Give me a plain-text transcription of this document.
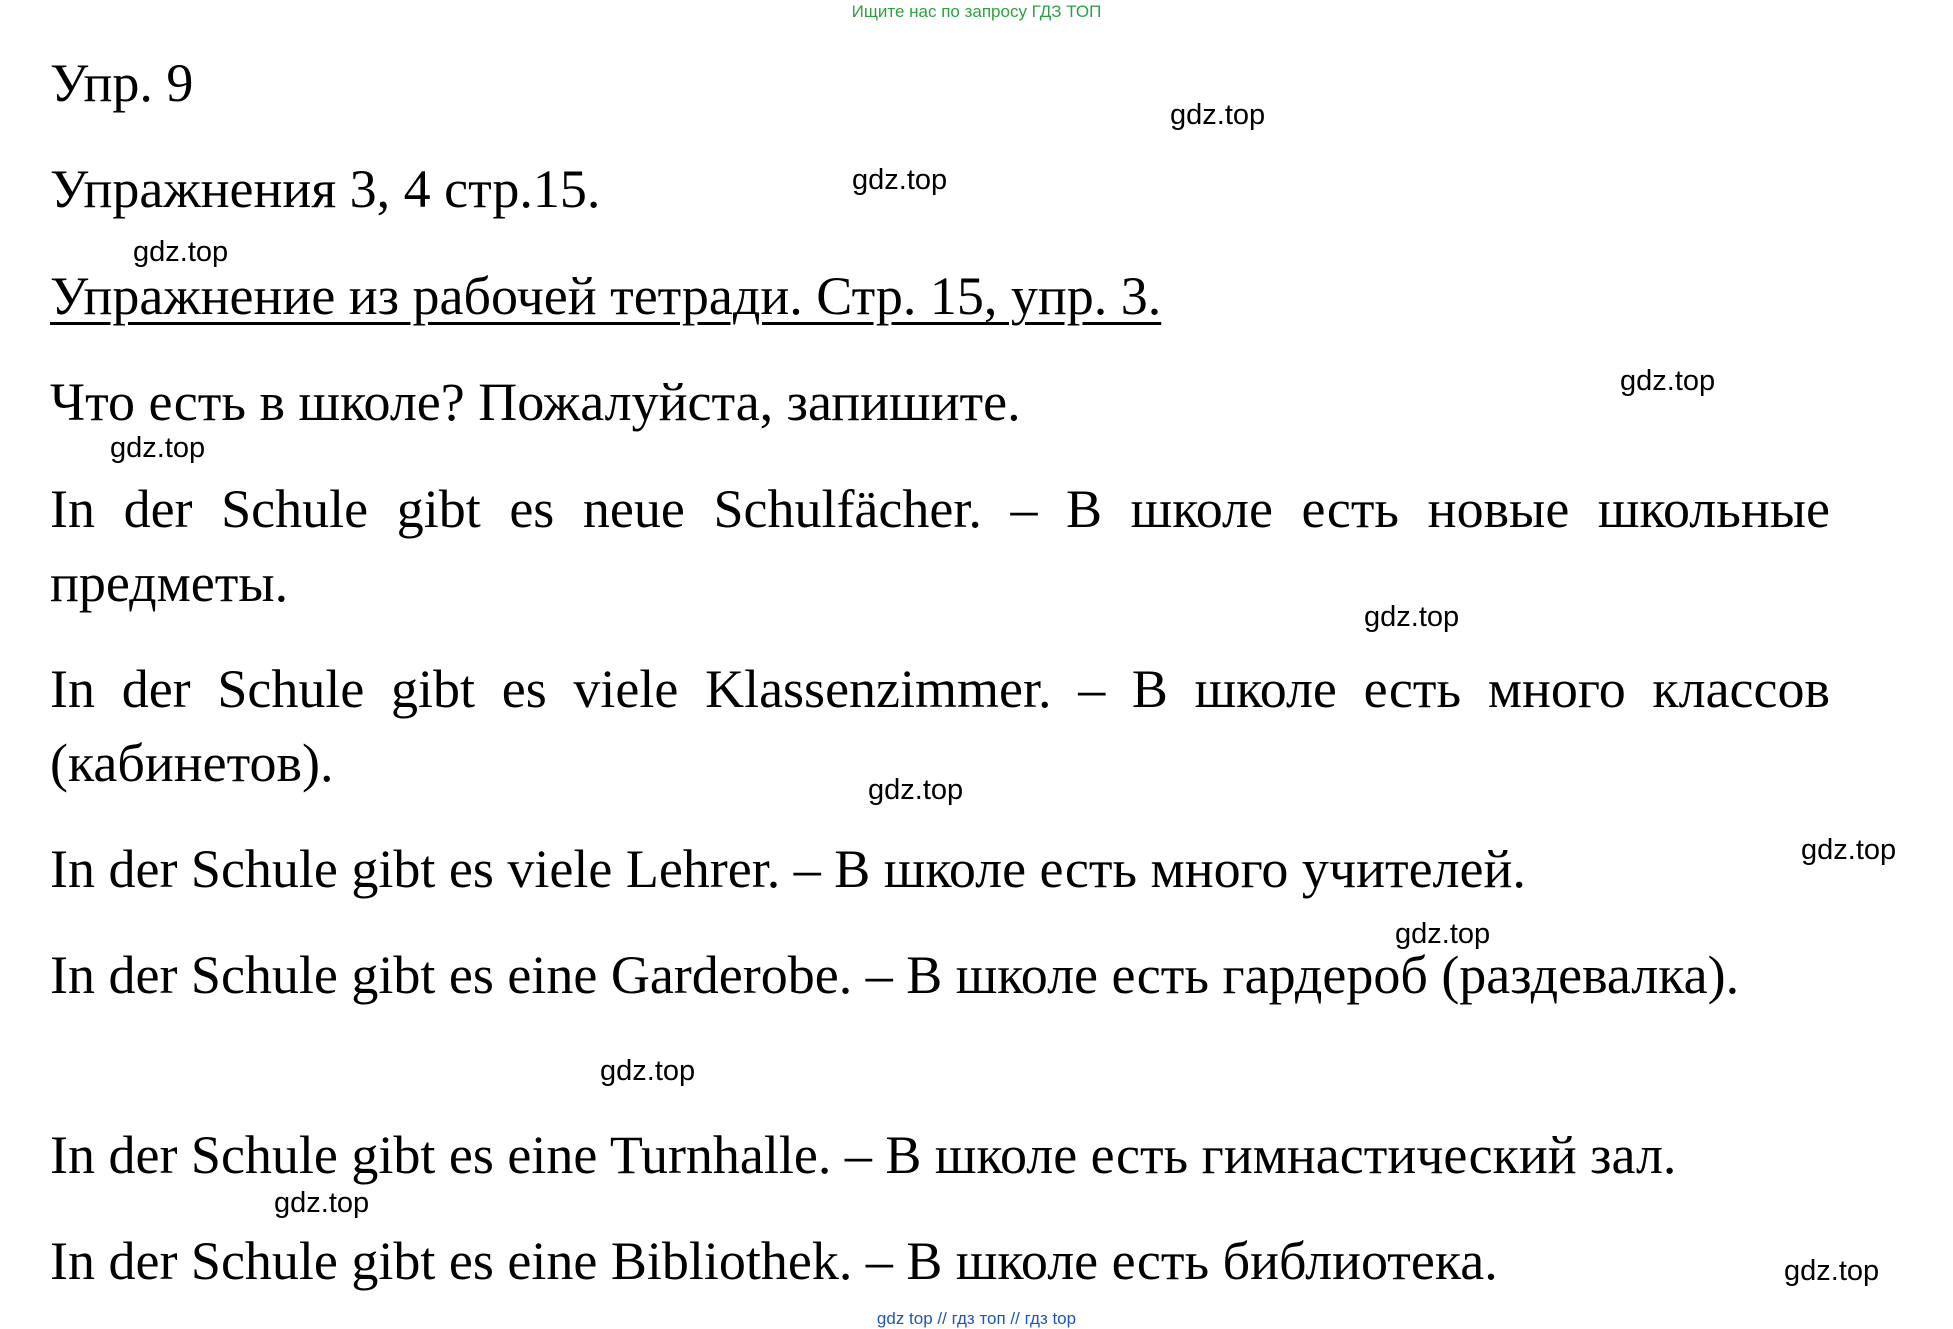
Ищите нас по запросу ГДЗ ТОП
Упр. 9
Упражнения 3, 4 стр.15.
Упражнение из рабочей тетради. Стр. 15, упр. 3.
Что есть в школе? Пожалуйста, запишите.
In der Schule gibt es neue Schulfächer. – В школе есть новые школьные предметы.
In der Schule gibt es viele Klassenzimmer. – В школе есть много классов (кабинетов).
In der Schule gibt es viele Lehrer. – В школе есть много учителей.
In der Schule gibt es eine Garderobe. – В школе есть гардероб (раздевалка).
In der Schule gibt es eine Turnhalle. – В школе есть гимнастический зал.
In der Schule gibt es eine Bibliothek. – В школе есть библиотека.
gdz.top
gdz.top
gdz.top
gdz.top
gdz.top
gdz.top
gdz.top
gdz.top
gdz.top
gdz.top
gdz.top
gdz.top
gdz top // гдз топ // гдз top
